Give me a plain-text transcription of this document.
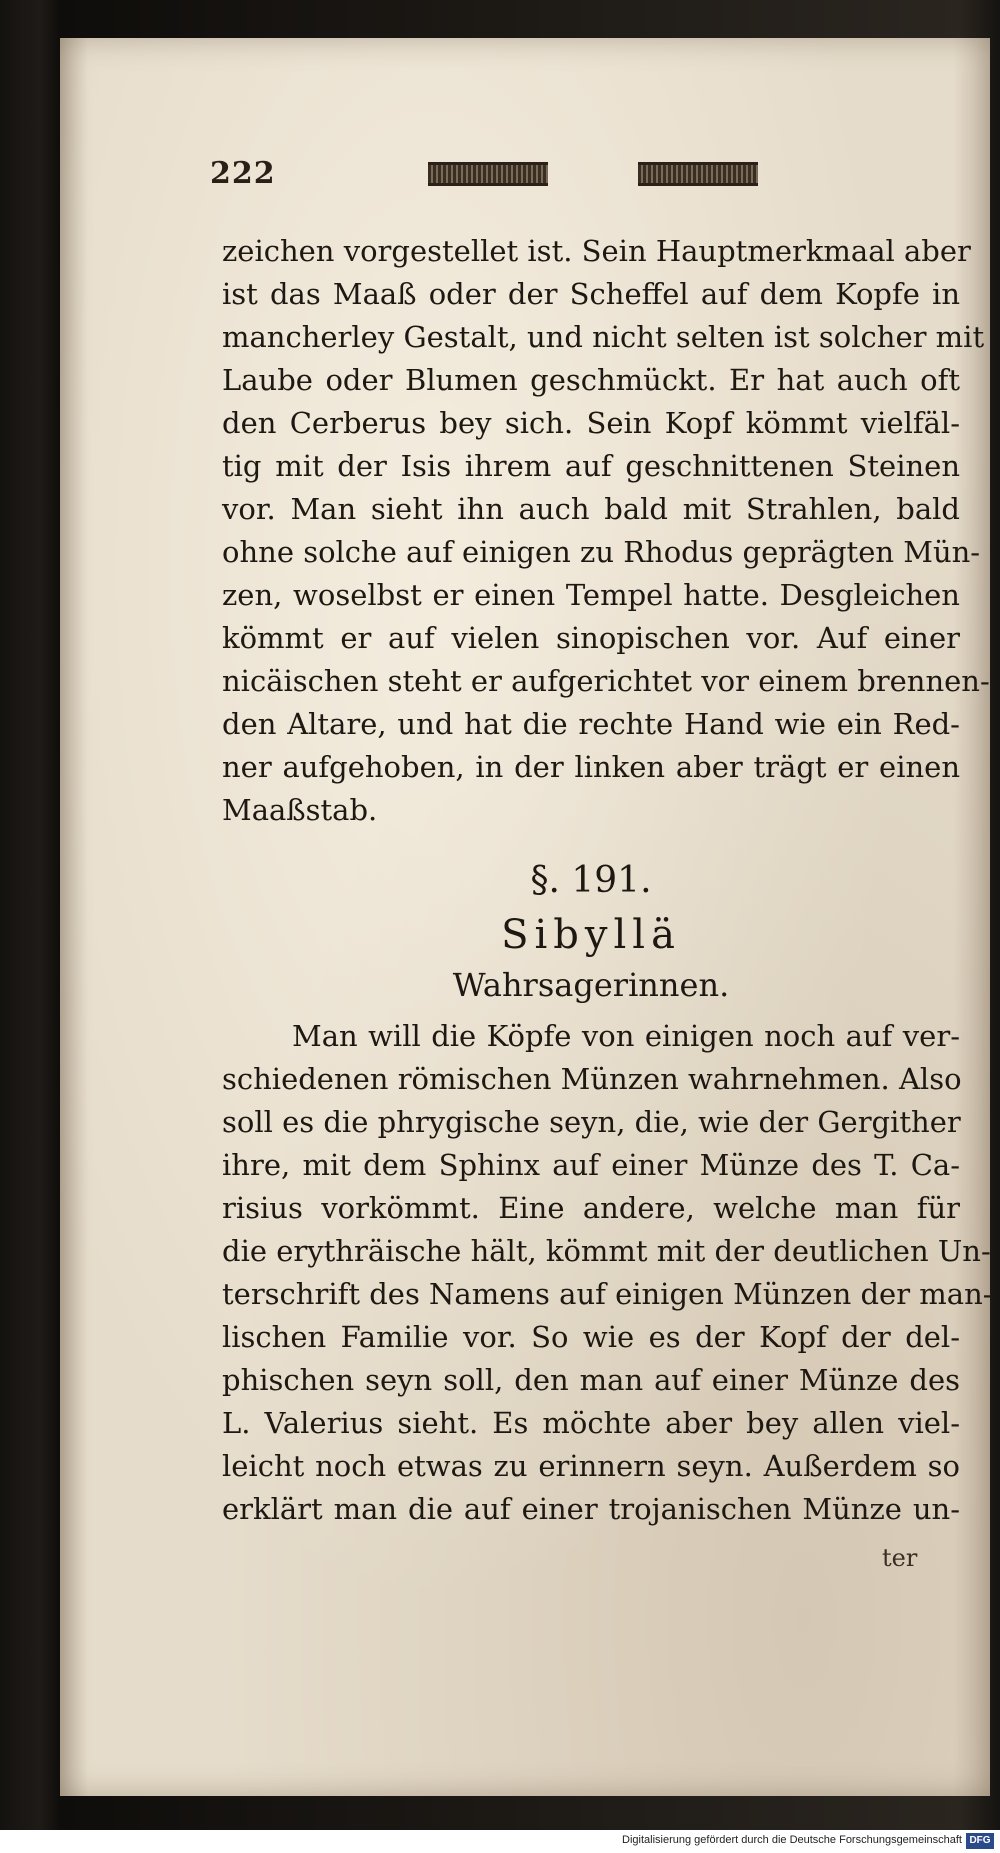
222
zeichen vorgestellet ist. Sein Hauptmerkmaal aber
ist das Maaß oder der Scheffel auf dem Kopfe in
mancherley Gestalt, und nicht selten ist solcher mit
Laube oder Blumen geschmückt. Er hat auch oft
den Cerberus bey sich. Sein Kopf kömmt vielfäl-
tig mit der Isis ihrem auf geschnittenen Steinen
vor. Man sieht ihn auch bald mit Strahlen, bald
ohne solche auf einigen zu Rhodus geprägten Mün-
zen, woselbst er einen Tempel hatte. Desgleichen
kömmt er auf vielen sinopischen vor. Auf einer
nicäischen steht er aufgerichtet vor einem brennen-
den Altare, und hat die rechte Hand wie ein Red-
ner aufgehoben, in der linken aber trägt er einen
Maaßstab.
§. 191.
Sibyllä
Wahrsagerinnen.
Man will die Köpfe von einigen noch auf ver-
schiedenen römischen Münzen wahrnehmen. Also
soll es die phrygische seyn, die, wie der Gergither
ihre, mit dem Sphinx auf einer Münze des T. Ca-
risius vorkömmt. Eine andere, welche man für
die erythräische hält, kömmt mit der deutlichen Un-
terschrift des Namens auf einigen Münzen der man-
lischen Familie vor. So wie es der Kopf der del-
phischen seyn soll, den man auf einer Münze des
L. Valerius sieht. Es möchte aber bey allen viel-
leicht noch etwas zu erinnern seyn. Außerdem so
erklärt man die auf einer trojanischen Münze un-
ter
Digitalisierung gefördert durch die Deutsche Forschungsgemeinschaft DFG
